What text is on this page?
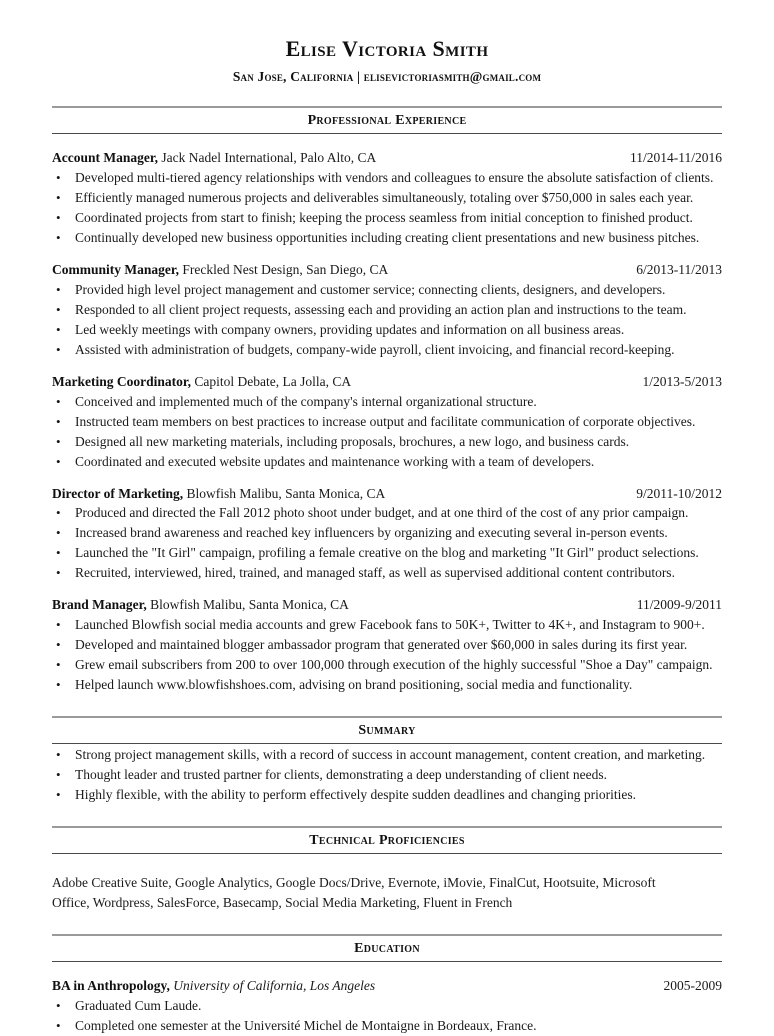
Elise Victoria Smith
San Jose, California | elisevictoriasmith@gmail.com
Professional Experience
Account Manager, Jack Nadel International, Palo Alto, CA	11/2014-11/2016
• Developed multi-tiered agency relationships with vendors and colleagues to ensure the absolute satisfaction of clients.
• Efficiently managed numerous projects and deliverables simultaneously, totaling over $750,000 in sales each year.
• Coordinated projects from start to finish; keeping the process seamless from initial conception to finished product.
• Continually developed new business opportunities including creating client presentations and new business pitches.
Community Manager, Freckled Nest Design, San Diego, CA	6/2013-11/2013
• Provided high level project management and customer service; connecting clients, designers, and developers.
• Responded to all client project requests, assessing each and providing an action plan and instructions to the team.
• Led weekly meetings with company owners, providing updates and information on all business areas.
• Assisted with administration of budgets, company-wide payroll, client invoicing, and financial record-keeping.
Marketing Coordinator, Capitol Debate, La Jolla, CA	1/2013-5/2013
• Conceived and implemented much of the company's internal organizational structure.
• Instructed team members on best practices to increase output and facilitate communication of corporate objectives.
• Designed all new marketing materials, including proposals, brochures, a new logo, and business cards.
• Coordinated and executed website updates and maintenance working with a team of developers.
Director of Marketing, Blowfish Malibu, Santa Monica, CA	9/2011-10/2012
• Produced and directed the Fall 2012 photo shoot under budget, and at one third of the cost of any prior campaign.
• Increased brand awareness and reached key influencers by organizing and executing several in-person events.
• Launched the "It Girl" campaign, profiling a female creative on the blog and marketing "It Girl" product selections.
• Recruited, interviewed, hired, trained, and managed staff, as well as supervised additional content contributors.
Brand Manager, Blowfish Malibu, Santa Monica, CA	11/2009-9/2011
• Launched Blowfish social media accounts and grew Facebook fans to 50K+, Twitter to 4K+, and Instagram to 900+.
• Developed and maintained blogger ambassador program that generated over $60,000 in sales during its first year.
• Grew email subscribers from 200 to over 100,000 through execution of the highly successful "Shoe a Day" campaign.
• Helped launch www.blowfishshoes.com, advising on brand positioning, social media and functionality.
Summary
• Strong project management skills, with a record of success in account management, content creation, and marketing.
• Thought leader and trusted partner for clients, demonstrating a deep understanding of client needs.
• Highly flexible, with the ability to perform effectively despite sudden deadlines and changing priorities.
Technical Proficiencies
Adobe Creative Suite, Google Analytics, Google Docs/Drive, Evernote, iMovie, FinalCut, Hootsuite, Microsoft Office, Wordpress, SalesForce, Basecamp, Social Media Marketing, Fluent in French
Education
BA in Anthropology, University of California, Los Angeles	2005-2009
• Graduated Cum Laude.
• Completed one semester at the Université Michel de Montaigne in Bordeaux, France.
